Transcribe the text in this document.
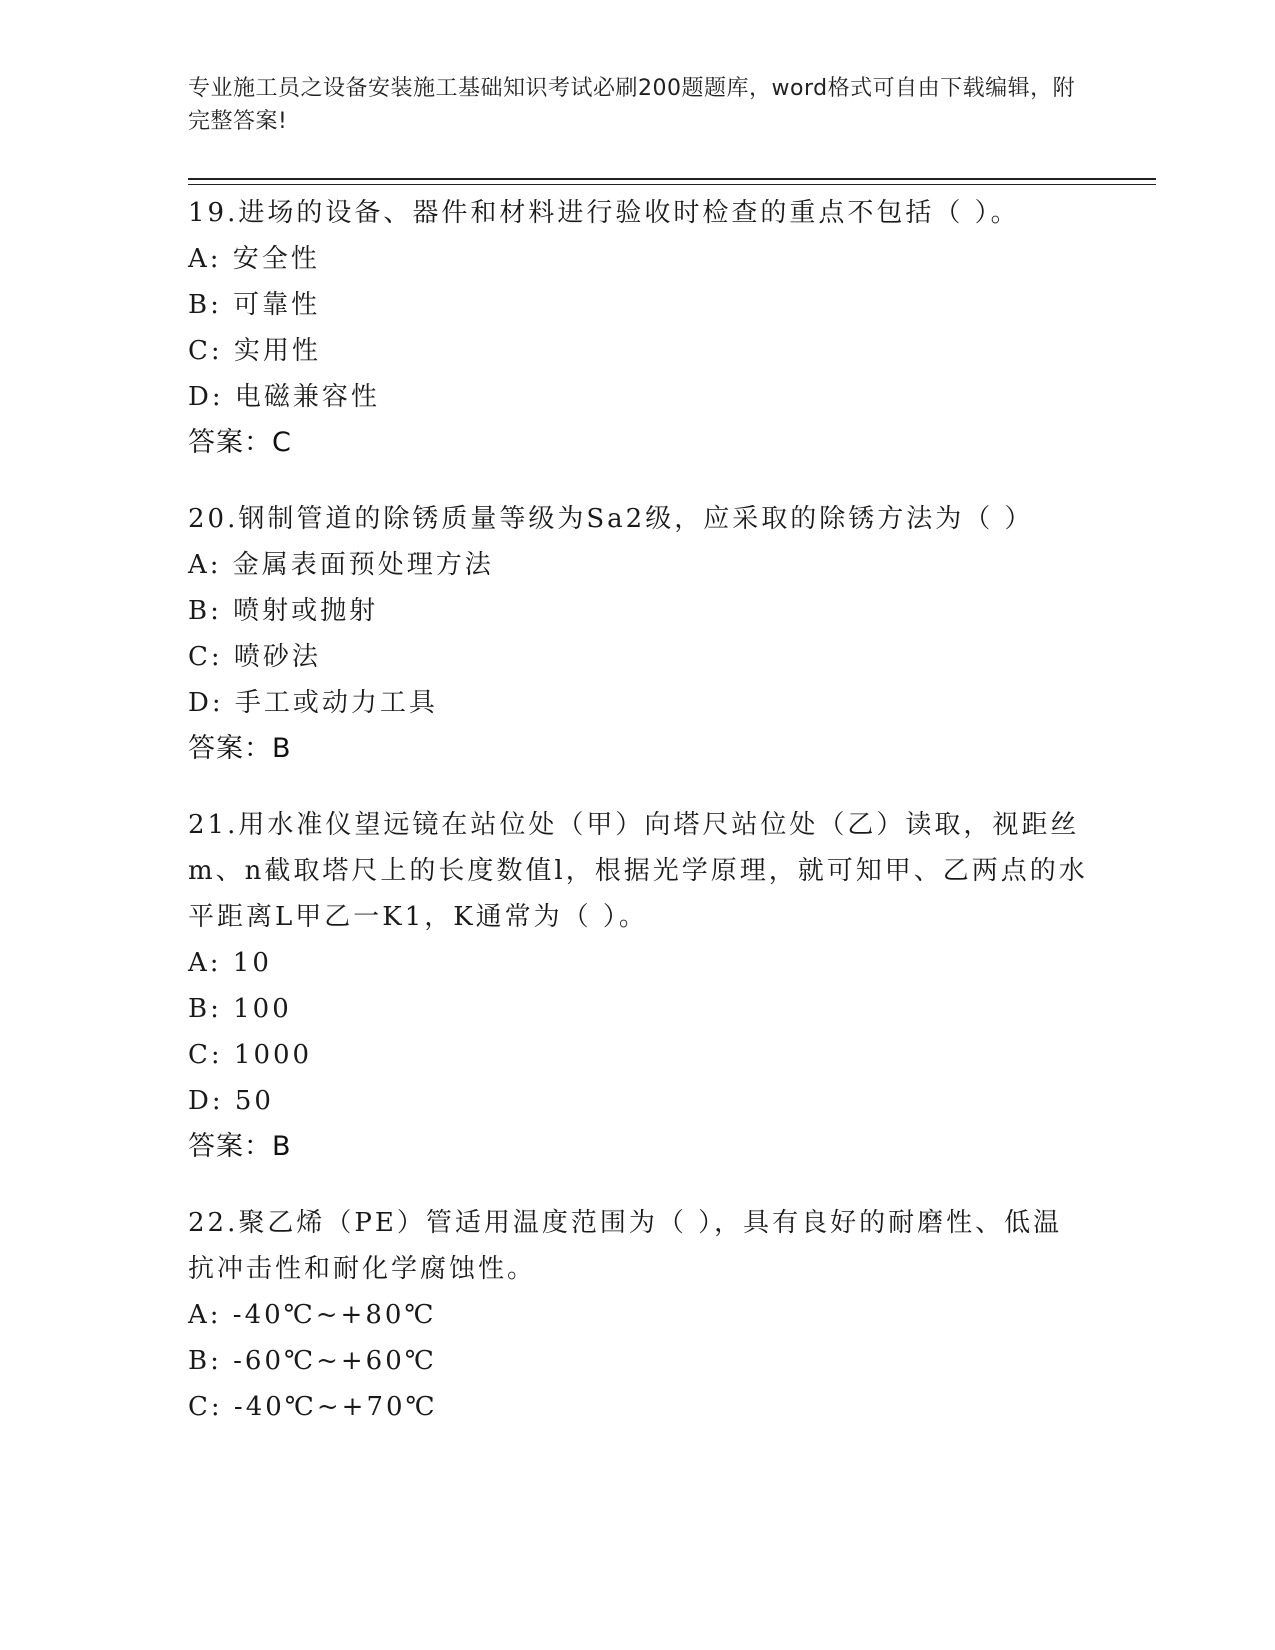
专业施工员之设备安装施工基础知识考试必刷200题题库，word格式可自由下载编辑，附完整答案!
19.进场的设备、器件和材料进行验收时检查的重点不包括（ ）。
A: 安全性
B: 可靠性
C: 实用性
D: 电磁兼容性
答案：C
20.钢制管道的除锈质量等级为Sa2级，应采取的除锈方法为（ ）
A: 金属表面预处理方法
B: 喷射或抛射
C: 喷砂法
D: 手工或动力工具
答案：B
21.用水准仪望远镜在站位处（甲）向塔尺站位处（乙）读取，视距丝m、n截取塔尺上的长度数值l，根据光学原理，就可知甲、乙两点的水平距离L甲乙一K1，K通常为（ ）。
A: 10
B: 100
C: 1000
D: 50
答案：B
22.聚乙烯（PE）管适用温度范围为（ ），具有良好的耐磨性、低温抗冲击性和耐化学腐蚀性。
A: -40℃~+80℃
B: -60℃~+60℃
C: -40℃~+70℃
